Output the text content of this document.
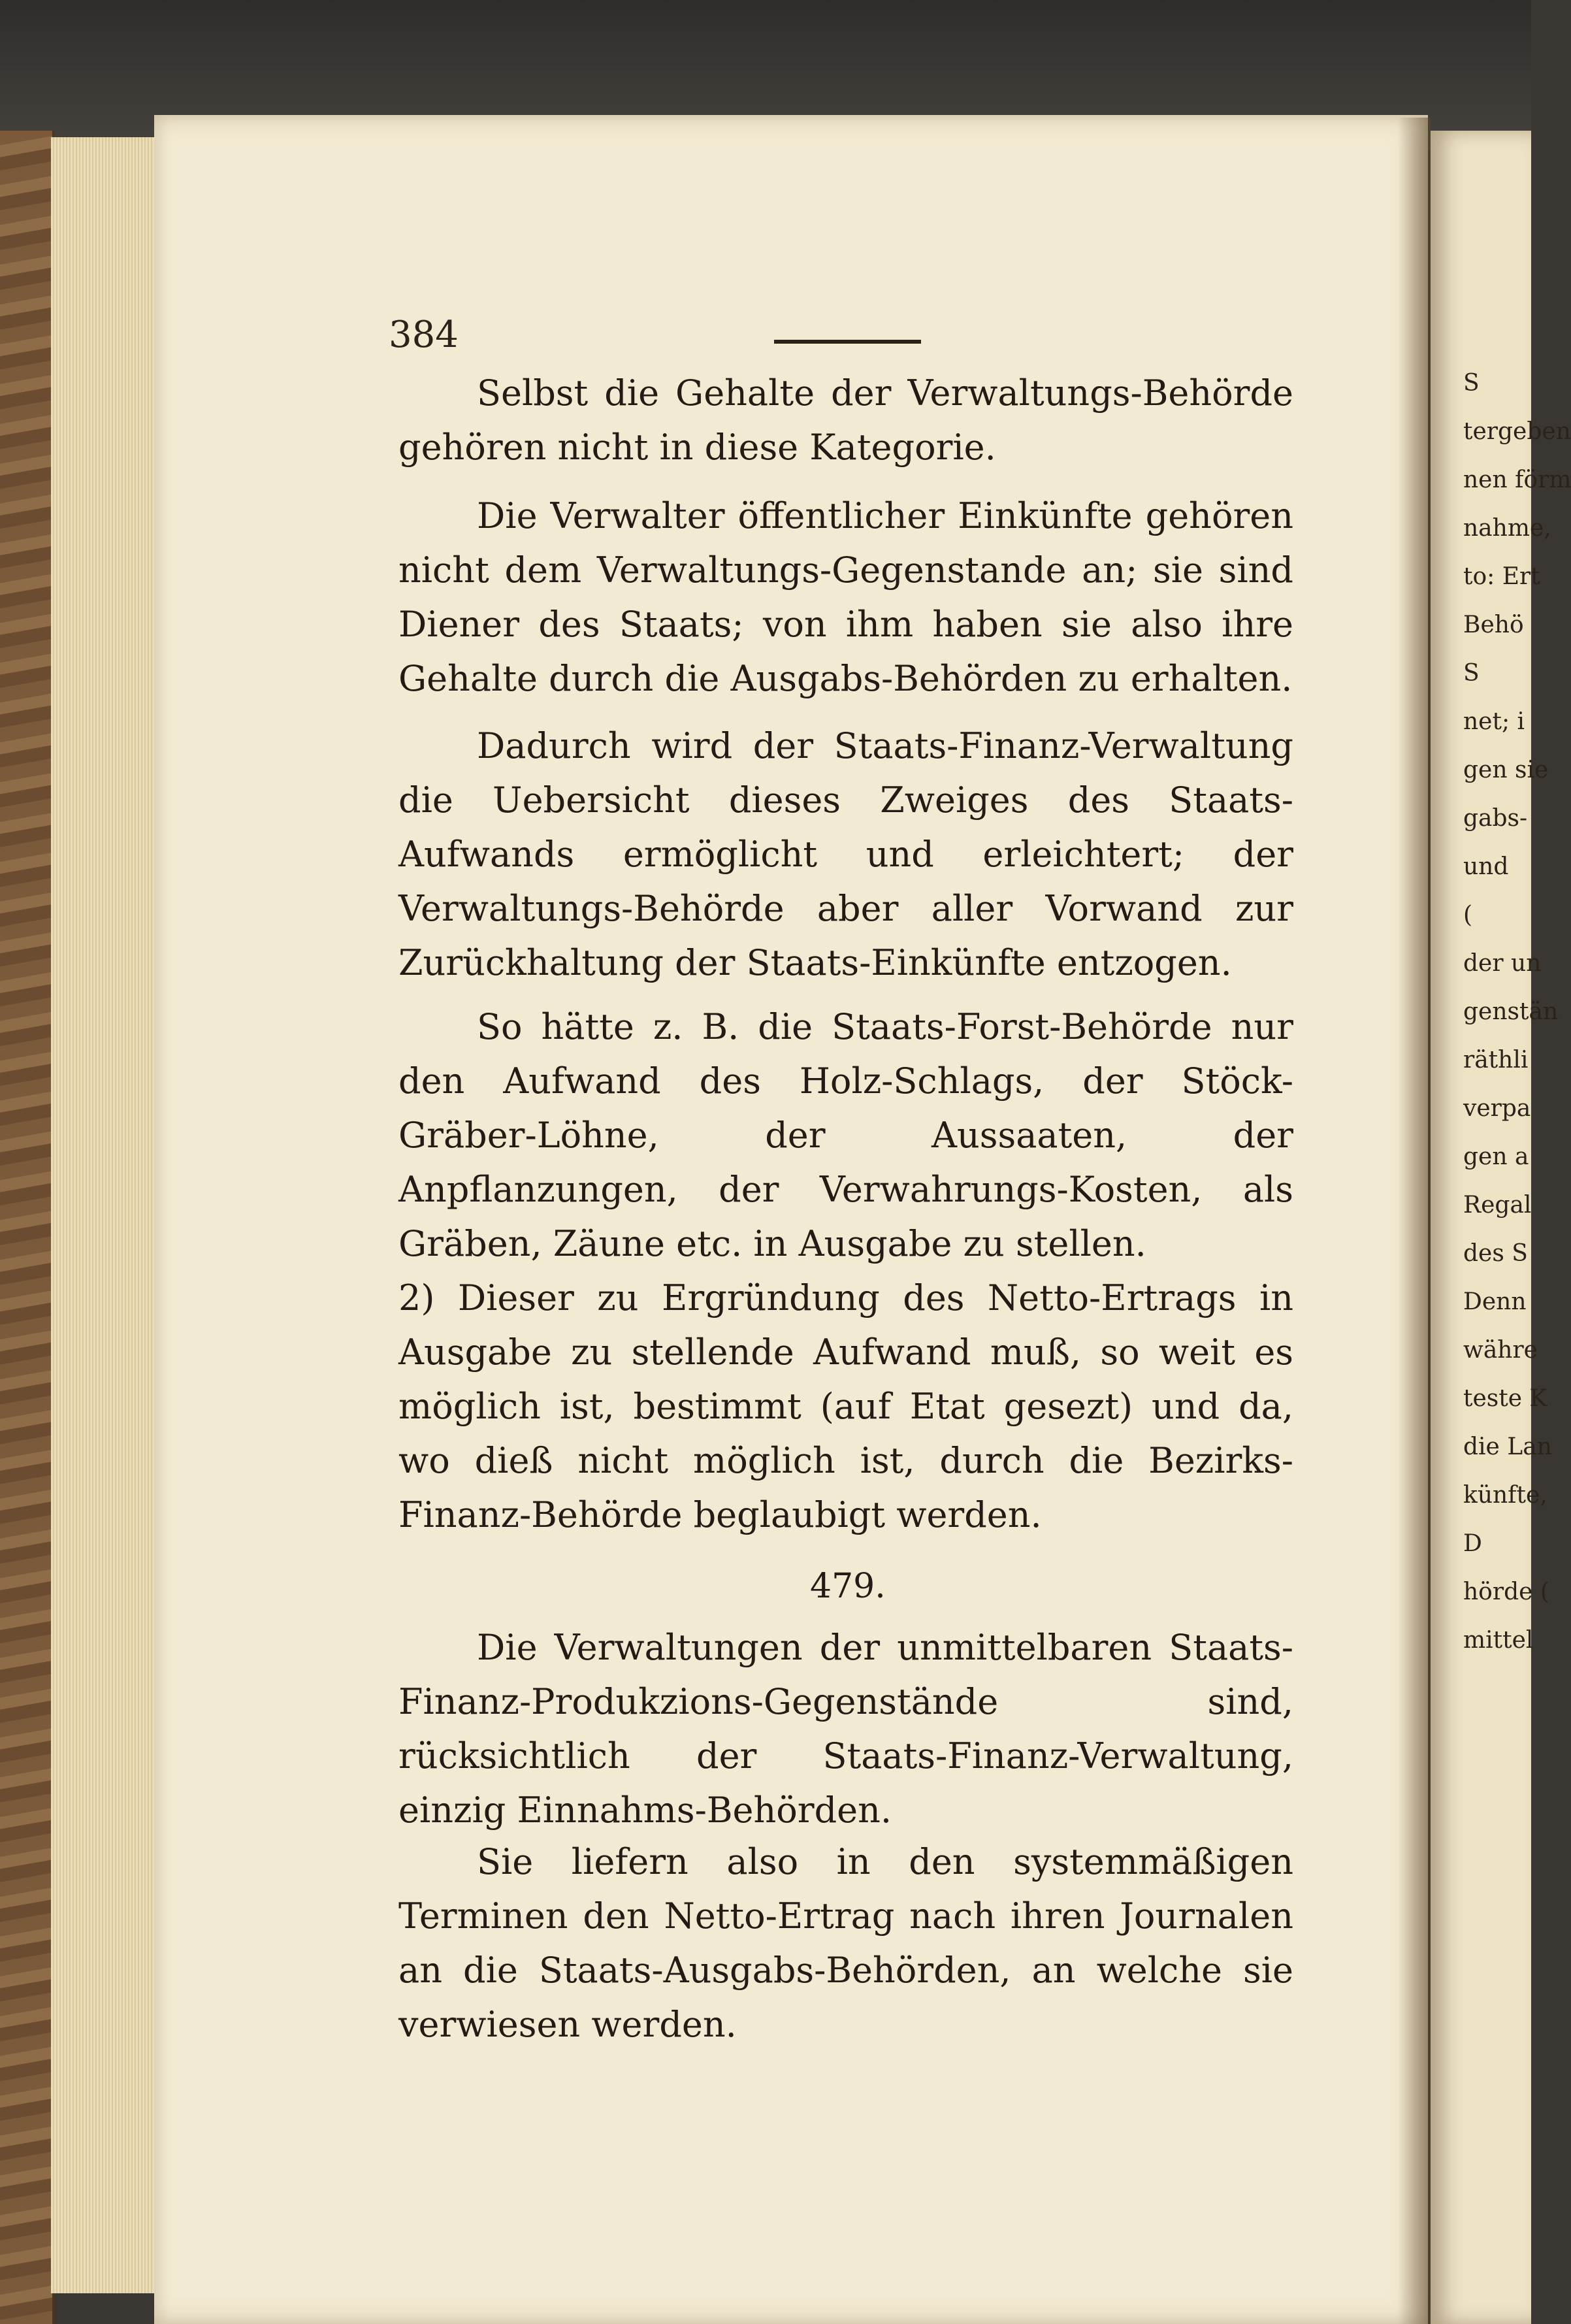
384

Selbst die Gehalte der Verwaltungs-Behörde gehören nicht in diese Kategorie.

Die Verwalter öffentlicher Einkünfte gehören nicht dem Verwaltungs-Gegenstande an; sie sind Diener des Staats; von ihm haben sie also ihre Gehalte durch die Ausgabs-Behörden zu erhalten.

Dadurch wird der Staats-Finanz-Verwaltung die Uebersicht dieses Zweiges des Staats-Aufwands ermöglicht und erleichtert; der Verwaltungs-Behörde aber aller Vorwand zur Zurückhaltung der Staats-Einkünfte entzogen.

So hätte z. B. die Staats-Forst-Behörde nur den Aufwand des Holz-Schlags, der Stöck-Gräber-Löhne, der Aussaaten, der Anpflanzungen, der Verwahrungs-Kosten, als Gräben, Zäune etc. in Ausgabe zu stellen.

2) Dieser zu Ergründung des Netto-Ertrags in Ausgabe zu stellende Aufwand muß, so weit es möglich ist, bestimmt (auf Etat gesezt) und da, wo dieß nicht möglich ist, durch die Bezirks-Finanz-Behörde beglaubigt werden.

479.

Die Verwaltungen der unmittelbaren Staats-Finanz-Produkzions-Gegenstände sind, rücksichtlich der Staats-Finanz-Verwaltung, einzig Einnahms-Behörden.

Sie liefern also in den systemmäßigen Terminen den Netto-Ertrag nach ihren Journalen an die Staats-Ausgabs-Behörden, an welche sie verwiesen werden.

S
tergeben
nen förm
nahme,
to: Ert
Behö
S
net; i
gen sie
gabs-
und
(
der un
genstän
räthli
verpa
gen a
Regal
des S
Denn
währe
teste K
die Lan
künfte,
D
hörde (
mittel
